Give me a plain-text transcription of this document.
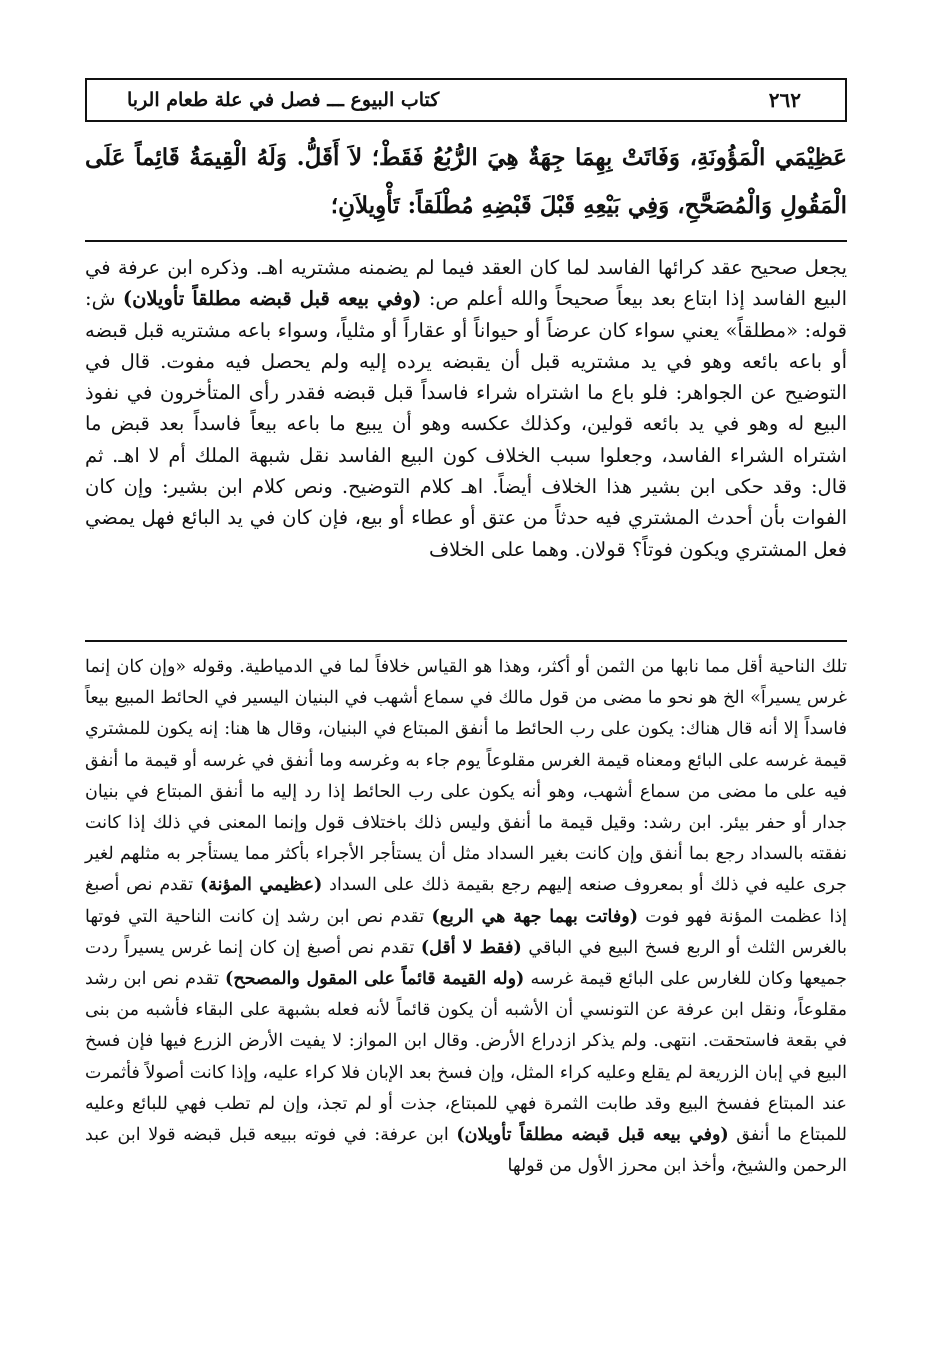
٢٦٢
كتاب البيوع ـــ فصل في علة طعام الربا

عَظِيْمَي الْمَؤُونَةِ، وَفَاتَتْ بِهِمَا جِهَةٌ هِيَ الرُّبُعُ فَقَطْ؛ لاَ أَقَلُّ. وَلَهُ الْقِيمَةُ قَائِماً عَلَى الْمَقُولِ وَالْمُصَحَّحِ، وَفِي بَيْعِهِ قَبْلَ قَبْضِهِ مُطْلَقاً: تَأْوِيلاَنِ؛

يجعل صحيح عقد كرائها الفاسد لما كان العقد فيما لم يضمنه مشتريه اهـ. وذكره ابن عرفة في البيع الفاسد إذا ابتاع بعد بيعاً صحيحاً والله أعلم ص: (وفي بيعه قبل قبضه مطلقاً تأويلان) ش: قوله: «مطلقاً» يعني سواء كان عرضاً أو حيواناً أو عقاراً أو مثلياً، وسواء باعه مشتريه قبل قبضه أو باعه بائعه وهو في يد مشتريه قبل أن يقبضه يرده إليه ولم يحصل فيه مفوت. قال في التوضيح عن الجواهر: فلو باع ما اشتراه شراء فاسداً قبل قبضه فقدر رأى المتأخرون في نفوذ البيع له وهو في يد بائعه قولين، وكذلك عكسه وهو أن يبيع ما باعه بيعاً فاسداً بعد قبض ما اشتراه الشراء الفاسد، وجعلوا سبب الخلاف كون البيع الفاسد نقل شبهة الملك أم لا اهـ. ثم قال: وقد حكى ابن بشير هذا الخلاف أيضاً. اهـ كلام التوضيح. ونص كلام ابن بشير: وإن كان الفوات بأن أحدث المشتري فيه حدثاً من عتق أو عطاء أو بيع، فإن كان في يد البائع فهل يمضي فعل المشتري ويكون فوتاً؟ قولان. وهما على الخلاف

تلك الناحية أقل مما نابها من الثمن أو أكثر، وهذا هو القياس خلافاً لما في الدمياطية. وقوله «وإن كان إنما غرس يسيراً» الخ هو نحو ما مضى من قول مالك في سماع أشهب في البنيان اليسير في الحائط المبيع بيعاً فاسداً إلا أنه قال هناك: يكون على رب الحائط ما أنفق المبتاع في البنيان، وقال ها هنا: إنه يكون للمشتري قيمة غرسه على البائع ومعناه قيمة الغرس مقلوعاً يوم جاء به وغرسه وما أنفق في غرسه أو قيمة ما أنفق فيه على ما مضى من سماع أشهب، وهو أنه يكون على رب الحائط إذا رد إليه ما أنفق المبتاع في بنيان جدار أو حفر بيئر. ابن رشد: وقيل قيمة ما أنفق وليس ذلك باختلاف قول وإنما المعنى في ذلك إذا كانت نفقته بالسداد رجع بما أنفق وإن كانت بغير السداد مثل أن يستأجر الأجراء بأكثر مما يستأجر به مثلهم لغير جرى عليه في ذلك أو بمعروف صنعه إليهم رجع بقيمة ذلك على السداد (عظيمي المؤنة) تقدم نص أصبغ إذا عظمت المؤنة فهو فوت (وفاتت بهما جهة هي الربع) تقدم نص ابن رشد إن كانت الناحية التي فوتها بالغرس الثلث أو الربع فسخ البيع في الباقي (فقط لا أقل) تقدم نص أصبغ إن كان إنما غرس يسيراً ردت جميعها وكان للغارس على البائع قيمة غرسه (وله القيمة قائماً على المقول والمصحح) تقدم نص ابن رشد مقلوعاً، ونقل ابن عرفة عن التونسي أن الأشبه أن يكون قائماً لأنه فعله بشبهة على البقاء فأشبه من بنى في بقعة فاستحقت. انتهى. ولم يذكر ازدراع الأرض. وقال ابن المواز: لا يفيت الأرض الزرع فيها فإن فسخ البيع في إبان الزريعة لم يقلع وعليه كراء المثل، وإن فسخ بعد الإبان فلا كراء عليه، وإذا كانت أصولاً فأثمرت عند المبتاع ففسخ البيع وقد طابت الثمرة فهي للمبتاع، جذت أو لم تجذ، وإن لم تطب فهي للبائع وعليه للمبتاع ما أنفق (وفي بيعه قبل قبضه مطلقاً تأويلان) ابن عرفة: في فوته ببيعه قبل قبضه قولا ابن عبد الرحمن والشيخ، وأخذ ابن محرز الأول من قولها
